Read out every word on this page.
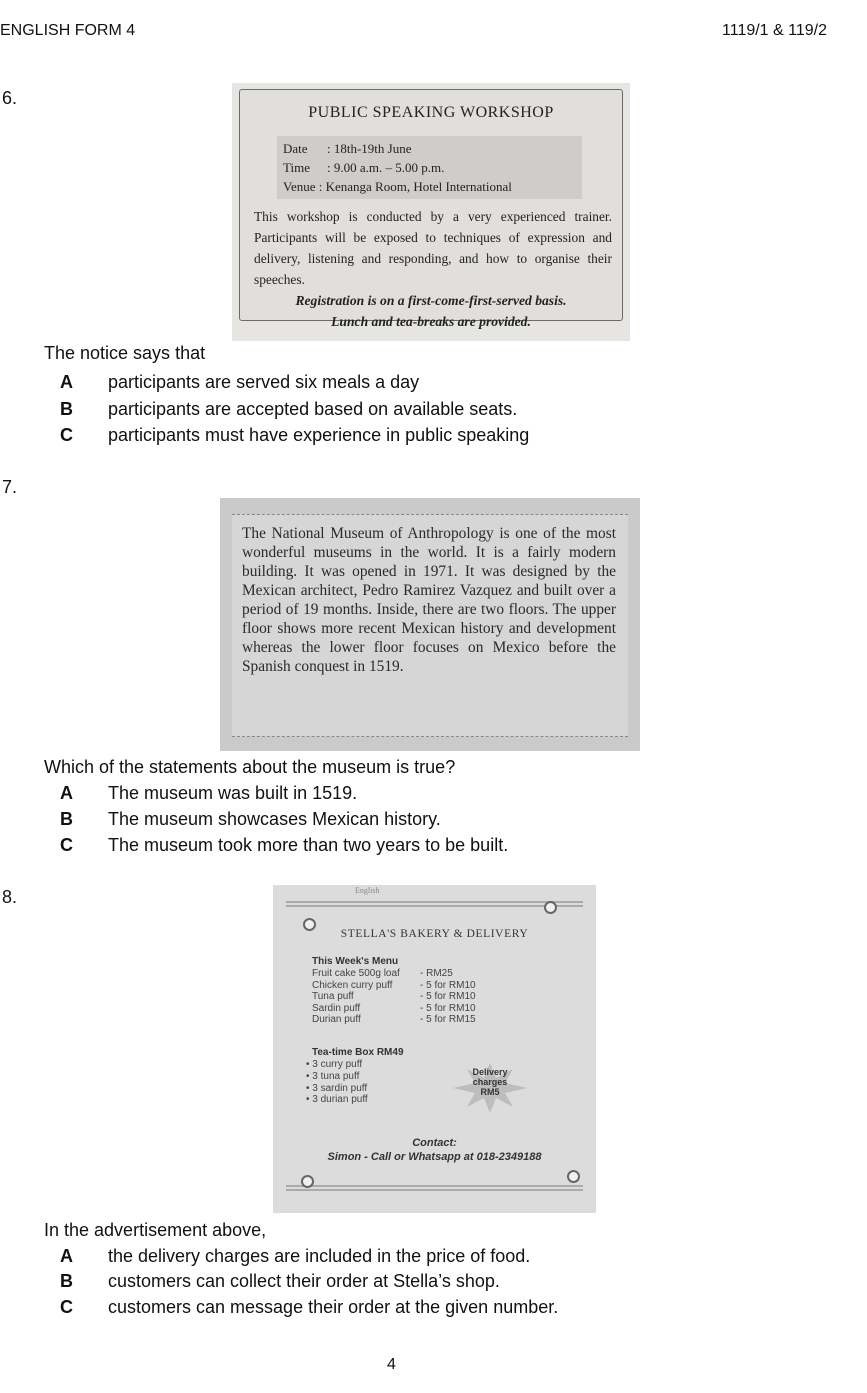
ENGLISH FORM 4	1119/1 & 119/2
6.
PUBLIC SPEAKING WORKSHOP
Date : 18th-19th June
Time : 9.00 a.m. – 5.00 p.m.
Venue : Kenanga Room, Hotel International
This workshop is conducted by a very experienced trainer. Participants will be exposed to techniques of expression and delivery, listening and responding, and how to organise their speeches.
Registration is on a first-come-first-served basis.
Lunch and tea-breaks are provided.
The notice says that
A	participants are served six meals a day
B	participants are accepted based on available seats.
C	participants must have experience in public speaking
7.
The National Museum of Anthropology is one of the most wonderful museums in the world. It is a fairly modern building. It was opened in 1971. It was designed by the Mexican architect, Pedro Ramirez Vazquez and built over a period of 19 months. Inside, there are two floors. The upper floor shows more recent Mexican history and development whereas the lower floor focuses on Mexico before the Spanish conquest in 1519.
Which of the statements about the museum is true?
A	The museum was built in 1519.
B	The museum showcases Mexican history.
C	The museum took more than two years to be built.
8.	English
STELLA'S BAKERY & DELIVERY
This Week's Menu
Fruit cake 500g loaf	- RM25
Chicken curry puff	- 5 for RM10
Tuna puff	- 5 for RM10
Sardin puff	- 5 for RM10
Durian puff	- 5 for RM15
Tea-time Box RM49
• 3 curry puff
• 3 tuna puff
• 3 sardin puff
• 3 durian puff
Delivery
charges
RM5
Contact:
Simon - Call or Whatsapp at 018-2349188
In the advertisement above,
A	the delivery charges are included in the price of food.
B	customers can collect their order at Stella’s shop.
C	customers can message their order at the given number.
4
